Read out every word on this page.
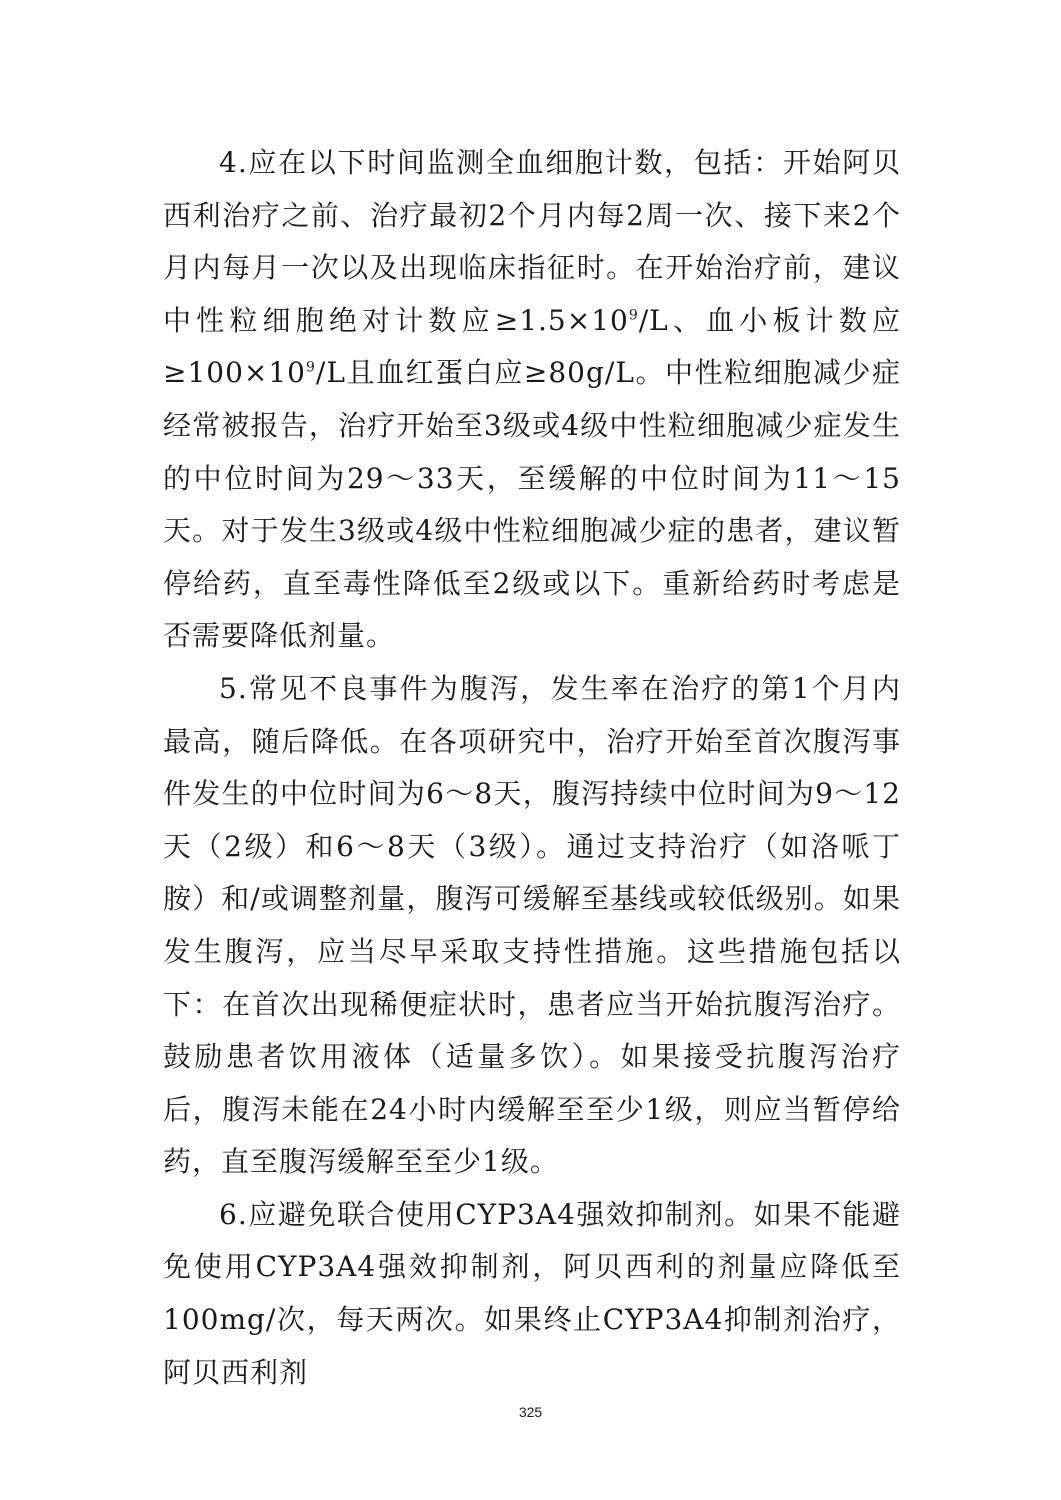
4.应在以下时间监测全血细胞计数，包括：开始阿贝西利治疗之前、治疗最初2个月内每2周一次、接下来2个月内每月一次以及出现临床指征时。在开始治疗前，建议中性粒细胞绝对计数应$\ge 1.5\times 10^9/L$、血小板计数应$\ge 100\times 10^9/L$且血红蛋白应≥80g/L。中性粒细胞减少症经常被报告，治疗开始至3级或4级中性粒细胞减少症发生的中位时间为29～33天，至缓解的中位时间为11～15天。对于发生3级或4级中性粒细胞减少症的患者，建议暂停给药，直至毒性降低至2级或以下。重新给药时考虑是否需要降低剂量。

5.常见不良事件为腹泻，发生率在治疗的第1个月内最高，随后降低。在各项研究中，治疗开始至首次腹泻事件发生的中位时间为6～8天，腹泻持续中位时间为9～12天（2级）和6～8天（3级）。通过支持治疗（如洛哌丁胺）和/或调整剂量，腹泻可缓解至基线或较低级别。如果发生腹泻，应当尽早采取支持性措施。这些措施包括以下：在首次出现稀便症状时，患者应当开始抗腹泻治疗。鼓励患者饮用液体（适量多饮）。如果接受抗腹泻治疗后，腹泻未能在24小时内缓解至至少1级，则应当暂停给药，直至腹泻缓解至至少1级。

6.应避免联合使用CYP3A4强效抑制剂。如果不能避免使用CYP3A4强效抑制剂，阿贝西利的剂量应降低至100mg/次，每天两次。如果终止CYP3A4抑制剂治疗，阿贝西利剂

325
